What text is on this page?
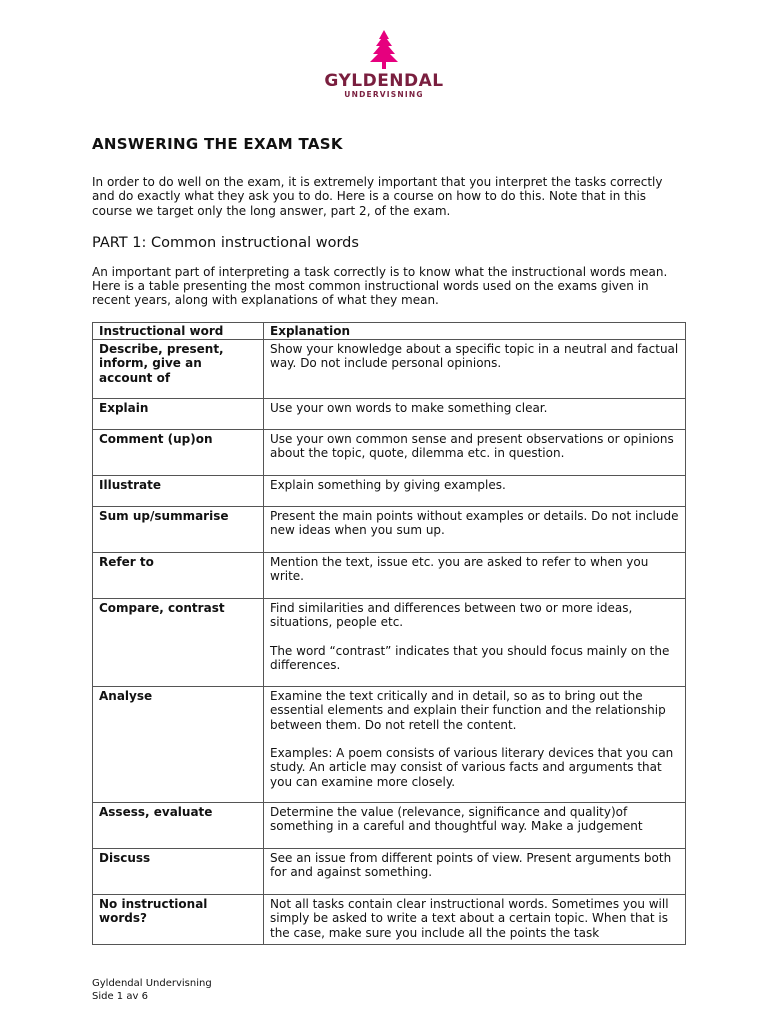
GYLDENDAL
UNDERVISNING
ANSWERING THE EXAM TASK

In order to do well on the exam, it is extremely important that you interpret the tasks correctly and do exactly what they ask you to do. Here is a course on how to do this. Note that in this course we target only the long answer, part 2, of the exam.

PART 1: Common instructional words

An important part of interpreting a task correctly is to know what the instructional words mean. Here is a table presenting the most common instructional words used on the exams given in recent years, along with explanations of what they mean.

Instructional word	Explanation
Describe, present, inform, give an account of	Show your knowledge about a specific topic in a neutral and factual way. Do not include personal opinions.

Explain	Use your own words to make something clear.

Comment (up)on	Use your own common sense and present observations or opinions about the topic, quote, dilemma etc. in question.

Illustrate	Explain something by giving examples.

Sum up/summarise	Present the main points without examples or details. Do not include new ideas when you sum up.

Refer to	Mention the text, issue etc. you are asked to refer to when you write.

Compare, contrast	Find similarities and differences between two or more ideas, situations, people etc.

The word “contrast” indicates that you should focus mainly on the differences.

Analyse	Examine the text critically and in detail, so as to bring out the essential elements and explain their function and the relationship between them. Do not retell the content.

Examples: A poem consists of various literary devices that you can study. An article may consist of various facts and arguments that you can examine more closely.

Assess, evaluate	Determine the value (relevance, significance and quality)of something in a careful and thoughtful way. Make a judgement

Discuss	See an issue from different points of view. Present arguments both for and against something.

No instructional words?	Not all tasks contain clear instructional words. Sometimes you will simply be asked to write a text about a certain topic. When that is the case, make sure you include all the points the task

Gyldendal Undervisning
Side 1 av 6
